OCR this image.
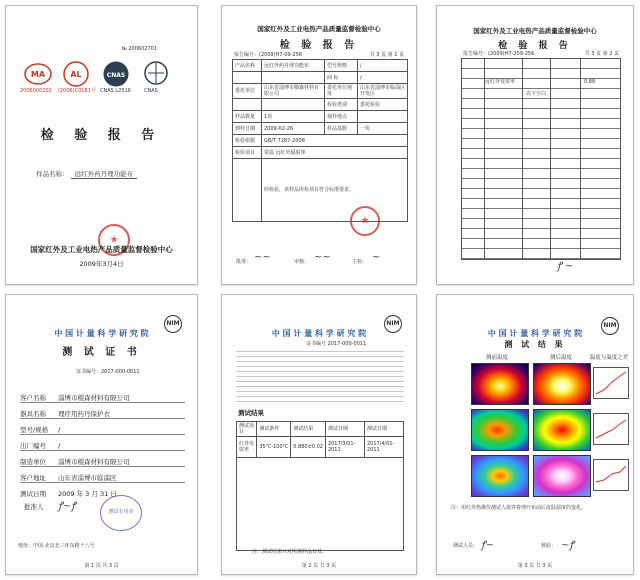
№ 200602701
MA	AL	CNAS
2006000202 (2006)C0181号 CNAS L2516	CNAS
检 验 报 告
样品名称： 远红外药丹理功能布
★
国家红外及工业电热产品质量监督检验中心
2009年3月4日
国家红外及工业电热产品质量监督检验中心
检 验 报 告
报告编号：(2009)H7-09-256	共 3 页 第 1 页
产品名称	远红外药丹理功能布	型号规格	/
		商 标	/
委托单位	山东省淄博市稷森材料有限公司	委托单位地址	山东省淄博市临淄区开发区
		检验类别	委托检验
样品数量	1块	抽样地点	
到样日期	2009-02-26	样品基数	一块
检验依据	GB/T 7287-2008		
检验项目	常温 远红外辐射率		
	经检验，该样品所检项目符合标准要求。		
★
批准：	审核：	主检：
~~	~~	~
国家红外及工业电热产品质量监督检验中心
检 验 报 告
报告编号：(2009)H7-209-256	共 3 页 第 2 页
远红外发射率	0.88
以下空白
ꝭ ~
中 国 计 量 科 学 研 究 院
NIM
测 试 证 书
证书编号：2017-000-0011
客户名称	淄博市稷森材料有限公司
器具名称	理疗用药丹保护衣
型号/规格	/
出厂编号	/
制造单位	淄博市稷森材料有限公司
客户地址	山东省淄博市临淄区
测试日期	2009 年 3 月 31 日
批准人 ꝭ~ꝭ	测试专用章
地址：中国·北京北三环东路十八号
第 1 页 共 3 页
中 国 计 量 科 学 研 究 院
NIM
证书编号 2017-000-0011
测试结果
测试项目	测试条件	测试结果	测试日期	测试日期
红外发射率	35℃-100℃	0.880±0.02	2017/3/01-2011	2017/4/01-2011

注：测试结果只对所测样品有效。
第 2 页 共 3 页
中 国 计 量 科 学 研 究 院
NIM
测 试 结 果
测前温度	测后温度	温度与温度之差
注：用红外热像仪测试人体穿着理疗布前后皮肤温度的变化。
测试人员： ꝭ~	核验： ~ꝭ
第 3 页 共 3 页
